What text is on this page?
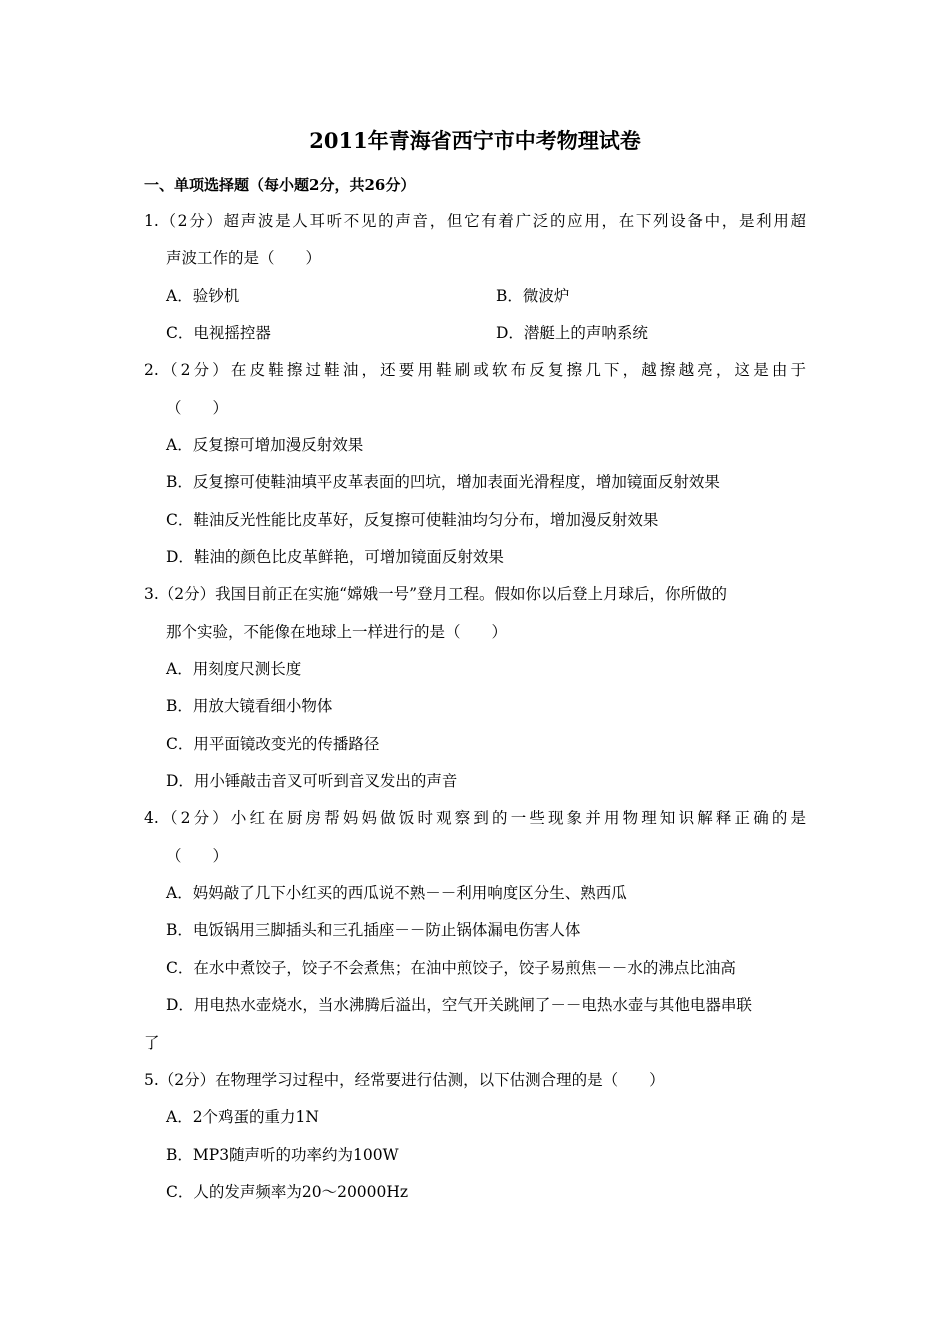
2011年青海省西宁市中考物理试卷
一、单项选择题（每小题2分，共26分）
1.（2分）超声波是人耳听不见的声音，但它有着广泛的应用，在下列设备中，是利用超
声波工作的是（　　）
A．验钞机	B．微波炉
C．电视摇控器	D．潜艇上的声呐系统
2.（2分）在皮鞋擦过鞋油，还要用鞋刷或软布反复擦几下，越擦越亮，这是由于
（　　）
A．反复擦可增加漫反射效果
B．反复擦可使鞋油填平皮革表面的凹坑，增加表面光滑程度，增加镜面反射效果
C．鞋油反光性能比皮革好，反复擦可使鞋油均匀分布，增加漫反射效果
D．鞋油的颜色比皮革鲜艳，可增加镜面反射效果
3.（2分）我国目前正在实施“嫦娥一号”登月工程。假如你以后登上月球后，你所做的
那个实验，不能像在地球上一样进行的是（　　）
A．用刻度尺测长度
B．用放大镜看细小物体
C．用平面镜改变光的传播路径
D．用小锤敲击音叉可听到音叉发出的声音
4.（2分）小红在厨房帮妈妈做饭时观察到的一些现象并用物理知识解释正确的是
（　　）
A．妈妈敲了几下小红买的西瓜说不熟－－利用响度区分生、熟西瓜
B．电饭锅用三脚插头和三孔插座－－防止锅体漏电伤害人体
C．在水中煮饺子，饺子不会煮焦；在油中煎饺子，饺子易煎焦－－水的沸点比油高
D．用电热水壶烧水，当水沸腾后溢出，空气开关跳闸了－－电热水壶与其他电器串联
了
5.（2分）在物理学习过程中，经常要进行估测，以下估测合理的是（　　）
A．2个鸡蛋的重力1N
B．MP3随声听的功率约为100W
C．人的发声频率为20～20000Hz
